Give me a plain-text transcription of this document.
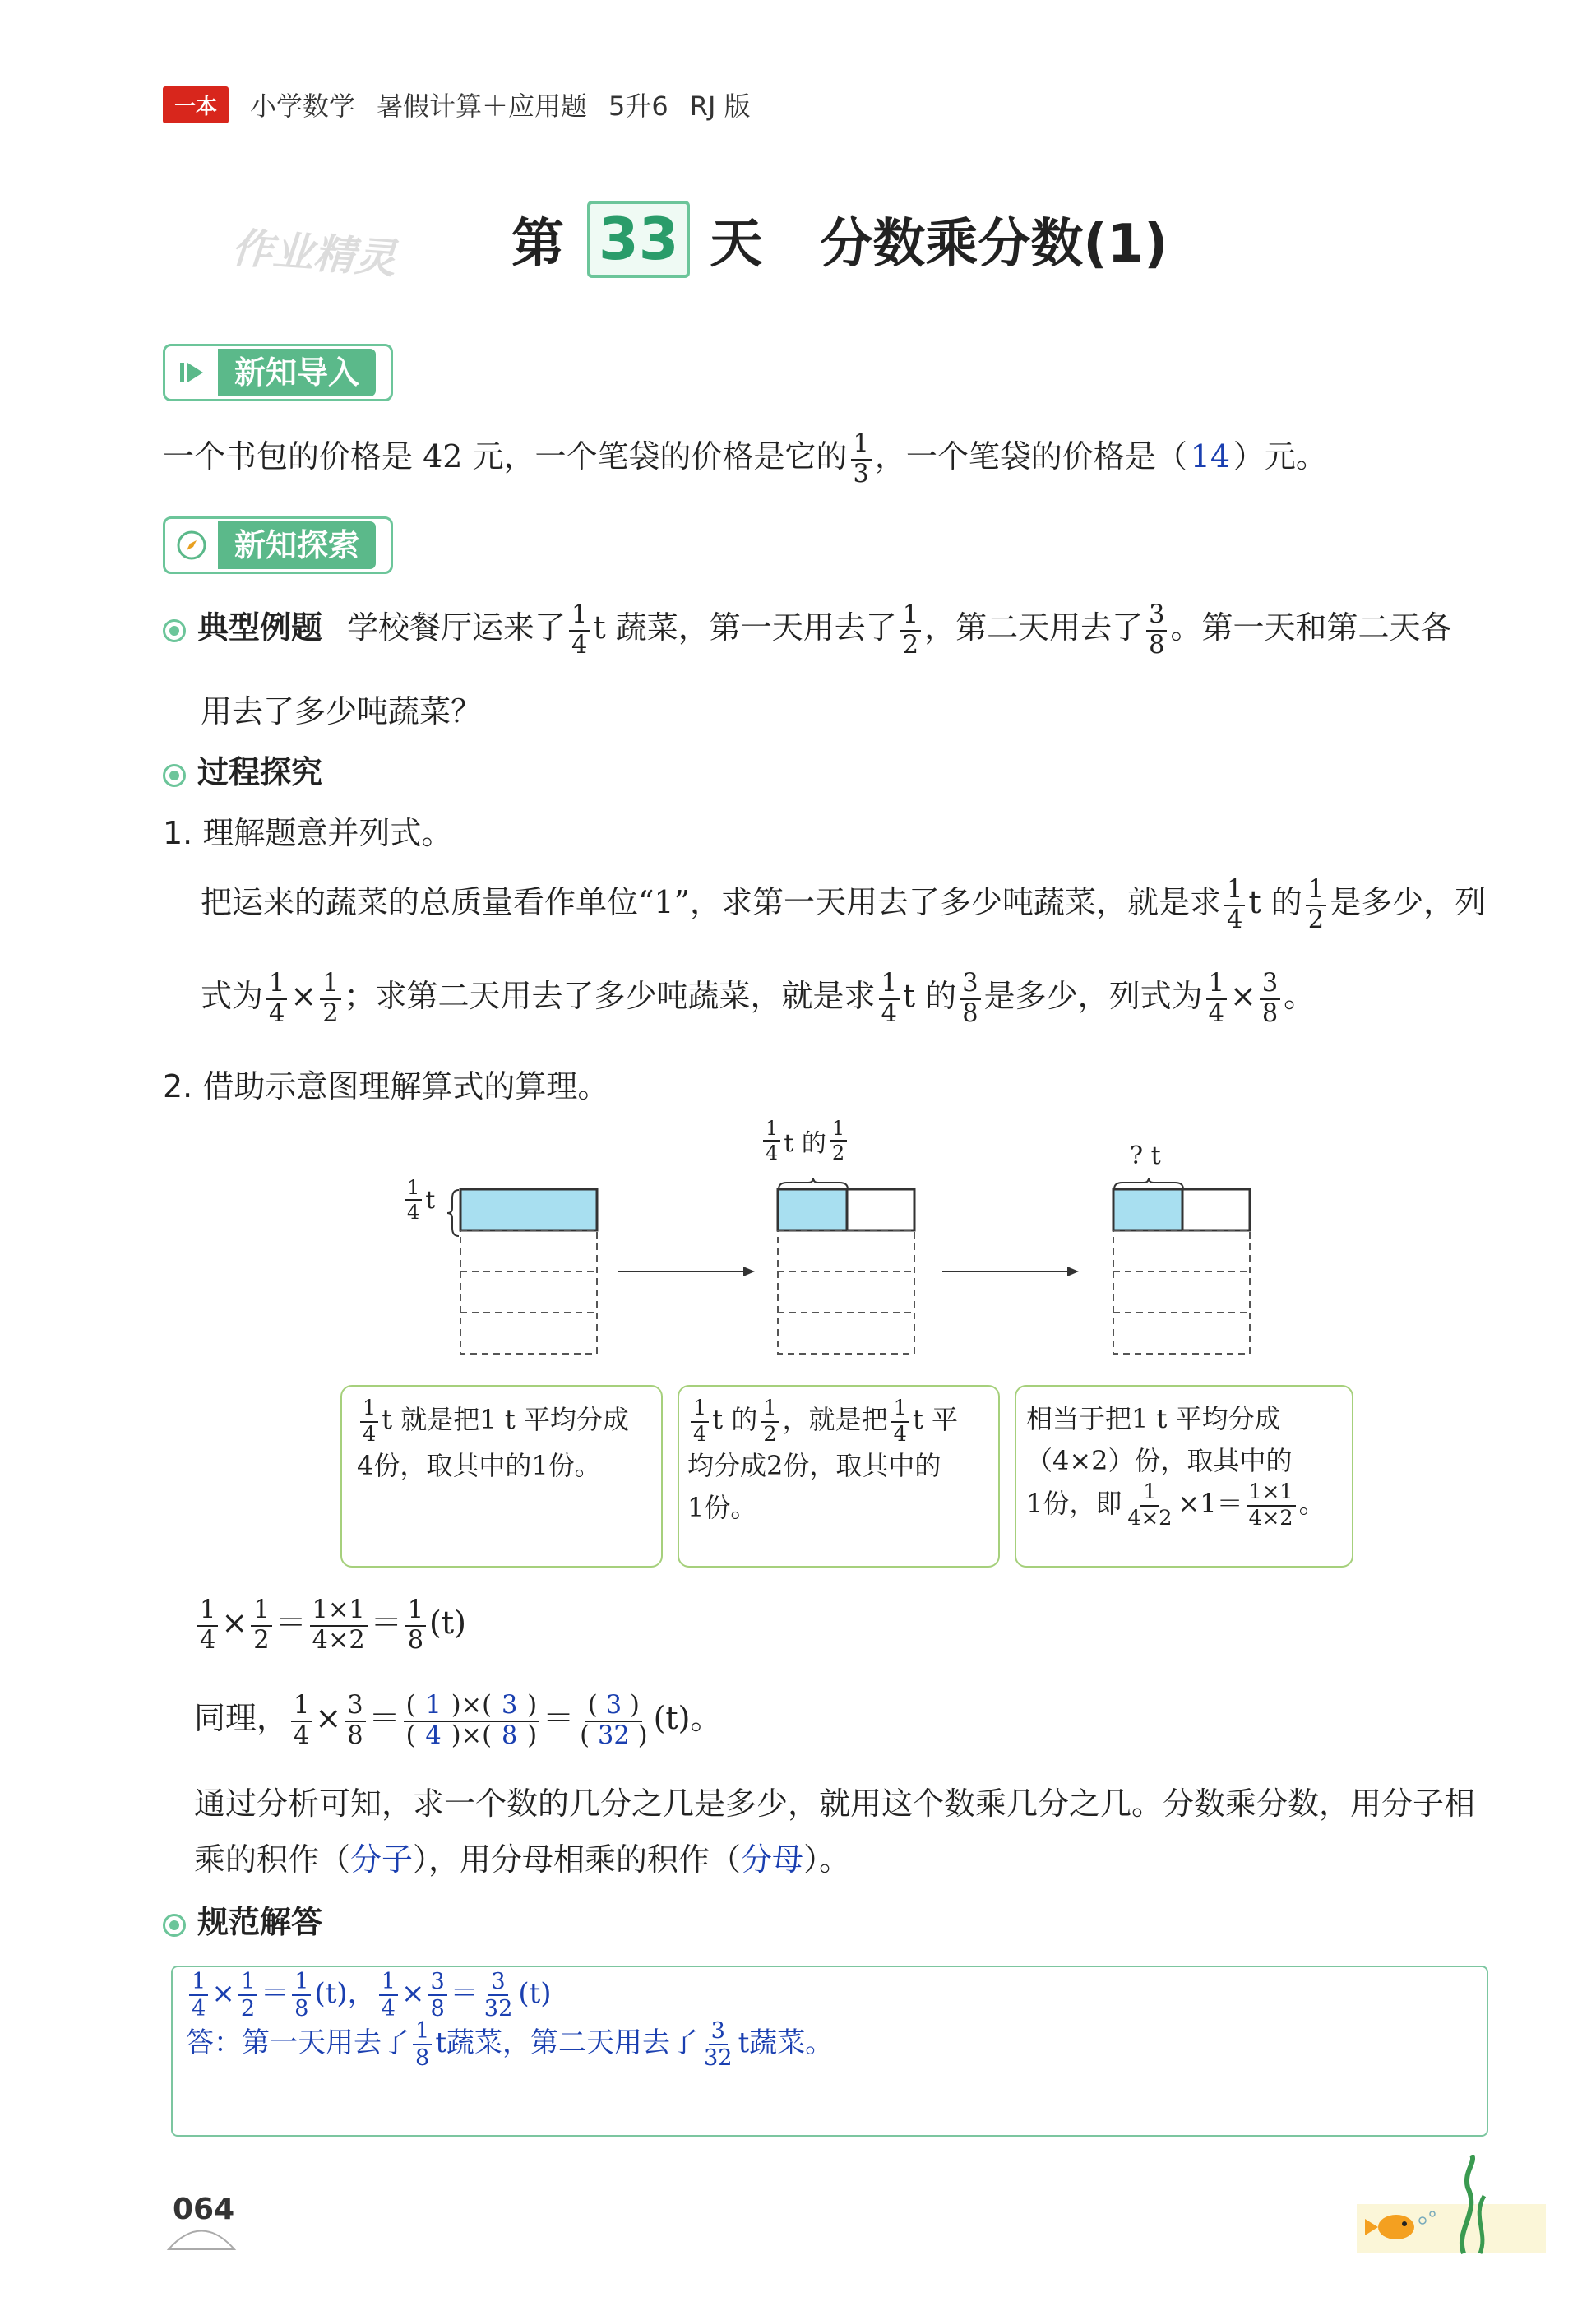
一本	小学数学 暑假计算＋应用题 5升6 RJ 版
作业精灵 第 33 天 分数乘分数(1)
新知导入
一个书包的价格是 42 元，一个笔袋的价格是它的 $\frac{1}{3}$ ，一个笔袋的价格是（ 14 ）元。
新知探索
典型例题 学校餐厅运来了 $\frac{1}{4}$ t 蔬菜，第一天用去了 $\frac{1}{2}$ ，第二天用去了 $\frac{3}{8}$ 。第一天和第二天各
用去了多少吨蔬菜？
过程探究
1. 理解题意并列式。
把运来的蔬菜的总质量看作单位“1”，求第一天用去了多少吨蔬菜，就是求 $\frac{1}{4}$ t 的 $\frac{1}{2}$ 是多少，列
式为 $\frac{1}{4} \times \frac{1}{2}$ ；求第二天用去了多少吨蔬菜，就是求 $\frac{1}{4}$ t 的 $\frac{3}{8}$ 是多少，列式为 $\frac{1}{4} \times \frac{3}{8}$ 。
2. 借助示意图理解算式的算理。
$\frac{1}{4}$ t
$\frac{1}{4}$ t 的 $\frac{1}{2}$	? t
$\frac{1}{4}$ t 就是把1 t 平均分成
4份，取其中的1份。
$\frac{1}{4}$ t 的 $\frac{1}{2}$ ，就是把 $\frac{1}{4}$ t 平
均分成2份，取其中的
1份。
相当于把1 t 平均分成
（4×2）份，取其中的
1份，即 $\frac{1}{4\times 2} \times 1= \frac{1\times 1}{4\times 2}$ 。
$\frac{1}{4} \times \frac{1}{2} = \frac{1\times 1}{4\times 2} = \frac{1}{8} (t)$
同理， $\frac{1}{4} \times \frac{3}{8} = \frac{( 1 )\times( 3 )}{( 4 )\times( 8 )} = \frac{( 3 )}{( 32 )} (t)$。
通过分析可知，求一个数的几分之几是多少，就用这个数乘几分之几。分数乘分数，用分子相
乘的积作（分子），用分母相乘的积作（分母）。
规范解答
$\frac{1}{4} \times \frac{1}{2} = \frac{1}{8} (t)$， $\frac{1}{4} \times \frac{3}{8} = \frac{3}{32} (t)$
答：第一天用去了 $\frac{1}{8}$ t蔬菜，第二天用去了 $\frac{3}{32}$ t蔬菜。
064
